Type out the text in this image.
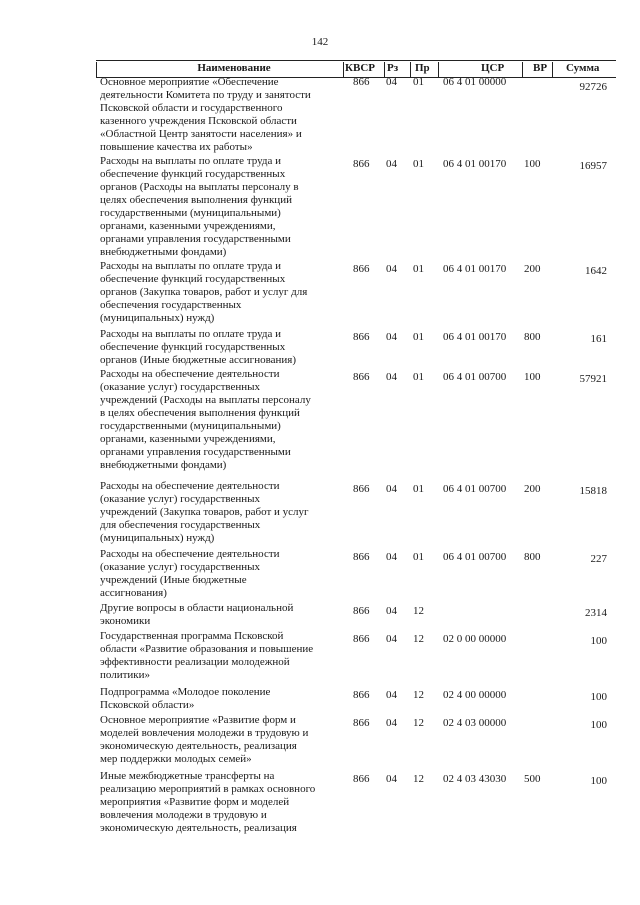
142
Наименование	КВСР Рз Пр	ЦСР	ВР Сумма
Основное мероприятие «Обеспечение
деятельности Комитета по труду и занятости
Псковской области и государственного
казенного учреждения Псковской области
«Областной Центр занятости населения» и
повышение качества их работы»
866 04 01 06 4 01 00000	92726
Расходы на выплаты по оплате труда и
обеспечение функций государственных
органов (Расходы на выплаты персоналу в
целях обеспечения выполнения функций
государственными (муниципальными)
органами, казенными учреждениями,
органами управления государственными
внебюджетными фондами)
866 04 01 06 4 01 00170 100	16957
Расходы на выплаты по оплате труда и
обеспечение функций государственных
органов (Закупка товаров, работ и услуг для
обеспечения государственных
(муниципальных) нужд)
866 04 01 06 4 01 00170 200	1642
Расходы на выплаты по оплате труда и
обеспечение функций государственных
органов (Иные бюджетные ассигнования)
866 04 01 06 4 01 00170 800	161
Расходы на обеспечение деятельности
(оказание услуг) государственных
учреждений (Расходы на выплаты персоналу
в целях обеспечения выполнения функций
государственными (муниципальными)
органами, казенными учреждениями,
органами управления государственными
внебюджетными фондами)
866 04 01 06 4 01 00700 100	57921
Расходы на обеспечение деятельности
(оказание услуг) государственных
учреждений (Закупка товаров, работ и услуг
для обеспечения государственных
(муниципальных) нужд)
866 04 01 06 4 01 00700 200	15818
Расходы на обеспечение деятельности
(оказание услуг) государственных
учреждений (Иные бюджетные
ассигнования)
866 04 01 06 4 01 00700 800	227
Другие вопросы в области национальной
экономики
866 04 12	2314
Государственная программа Псковской
области «Развитие образования и повышение
эффективности реализации молодежной
политики»
866 04 12 02 0 00 00000	100
Подпрограмма «Молодое поколение
Псковской области»
866 04 12 02 4 00 00000	100
Основное мероприятие «Развитие форм и
моделей вовлечения молодежи в трудовую и
экономическую деятельность, реализация
мер поддержки молодых семей»
866 04 12 02 4 03 00000	100
Иные межбюджетные трансферты на
реализацию мероприятий в рамках основного
мероприятия «Развитие форм и моделей
вовлечения молодежи в трудовую и
экономическую деятельность, реализация
866 04 12 02 4 03 43030 500	100
